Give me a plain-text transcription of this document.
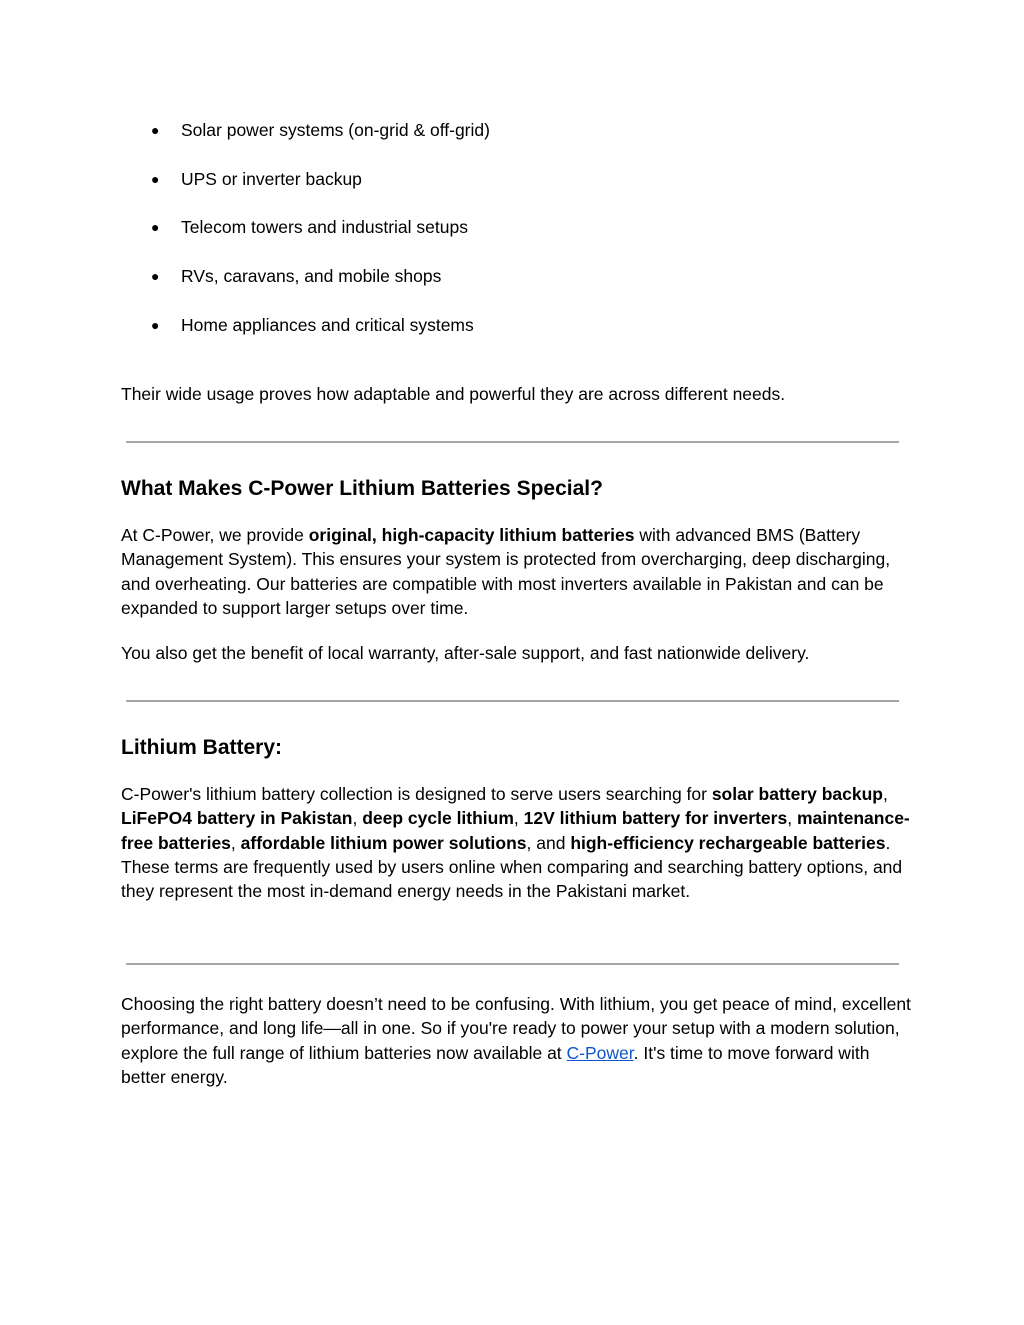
● Solar power systems (on-grid & off-grid)
● UPS or inverter backup
● Telecom towers and industrial setups
● RVs, caravans, and mobile shops
● Home appliances and critical systems

Their wide usage proves how adaptable and powerful they are across different needs.

What Makes C-Power Lithium Batteries Special?

At C-Power, we provide original, high-capacity lithium batteries with advanced BMS (Battery Management System). This ensures your system is protected from overcharging, deep discharging, and overheating. Our batteries are compatible with most inverters available in Pakistan and can be expanded to support larger setups over time.

You also get the benefit of local warranty, after-sale support, and fast nationwide delivery.

Lithium Battery:

C-Power's lithium battery collection is designed to serve users searching for solar battery backup, LiFePO4 battery in Pakistan, deep cycle lithium, 12V lithium battery for inverters, maintenance-free batteries, affordable lithium power solutions, and high-efficiency rechargeable batteries. These terms are frequently used by users online when comparing and searching battery options, and they represent the most in-demand energy needs in the Pakistani market.

Choosing the right battery doesn’t need to be confusing. With lithium, you get peace of mind, excellent performance, and long life—all in one. So if you're ready to power your setup with a modern solution, explore the full range of lithium batteries now available at C-Power. It's time to move forward with better energy.
